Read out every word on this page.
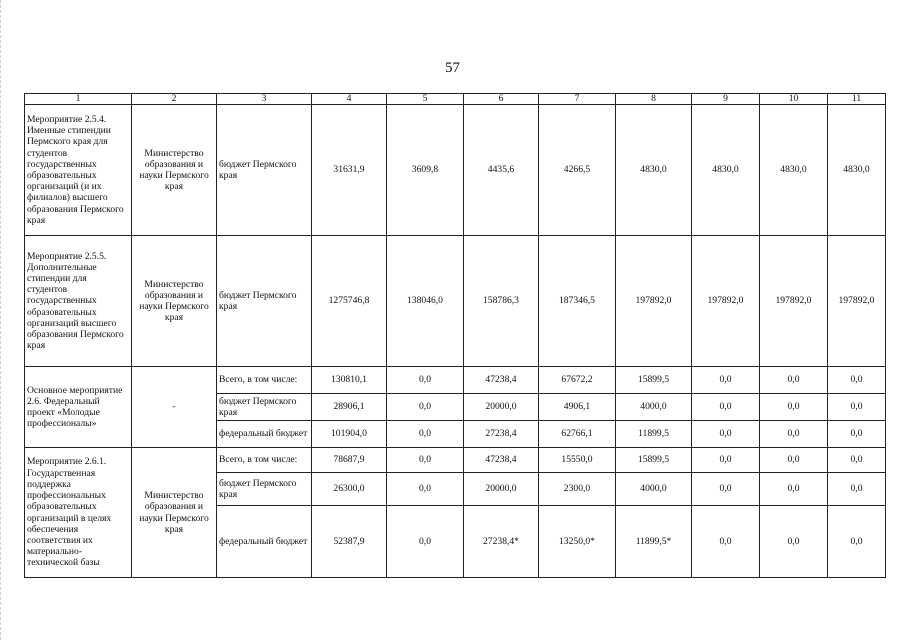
57
1	2	3	4	5	6	7	8	9	10	11
Мероприятие 2.5.4. Именные стипендии Пермского края для студентов государственных образовательных организаций (и их филиалов) высшего образования Пермского края	Министерство образования и науки Пермского края	бюджет Пермского края	31631,9	3609,8	4435,6	4266,5	4830,0	4830,0	4830,0	4830,0
Мероприятие 2.5.5. Дополнительные стипендии для студентов государственных образовательных организаций высшего образования Пермского края	Министерство образования и науки Пермского края	бюджет Пермского края	1275746,8	138046,0	158786,3	187346,5	197892,0	197892,0	197892,0	197892,0
Основное мероприятие 2.6. Федеральный проект «Молодые профессионалы»	-	Всего, в том числе:	130810,1	0,0	47238,4	67672,2	15899,5	0,0	0,0	0,0
		бюджет Пермского края	28906,1	0,0	20000,0	4906,1	4000,0	0,0	0,0	0,0
		федеральный бюджет	101904,0	0,0	27238,4	62766,1	11899,5	0,0	0,0	0,0
Мероприятие 2.6.1. Государственная поддержка профессиональных образовательных организаций в целях обеспечения соответствия их материально-технической базы	Министерство образования и науки Пермского края	Всего, в том числе:	78687,9	0,0	47238,4	15550,0	15899,5	0,0	0,0	0,0
		бюджет Пермского края	26300,0	0,0	20000,0	2300,0	4000,0	0,0	0,0	0,0
		федеральный бюджет	52387,9	0,0	27238,4*	13250,0*	11899,5*	0,0	0,0	0,0
